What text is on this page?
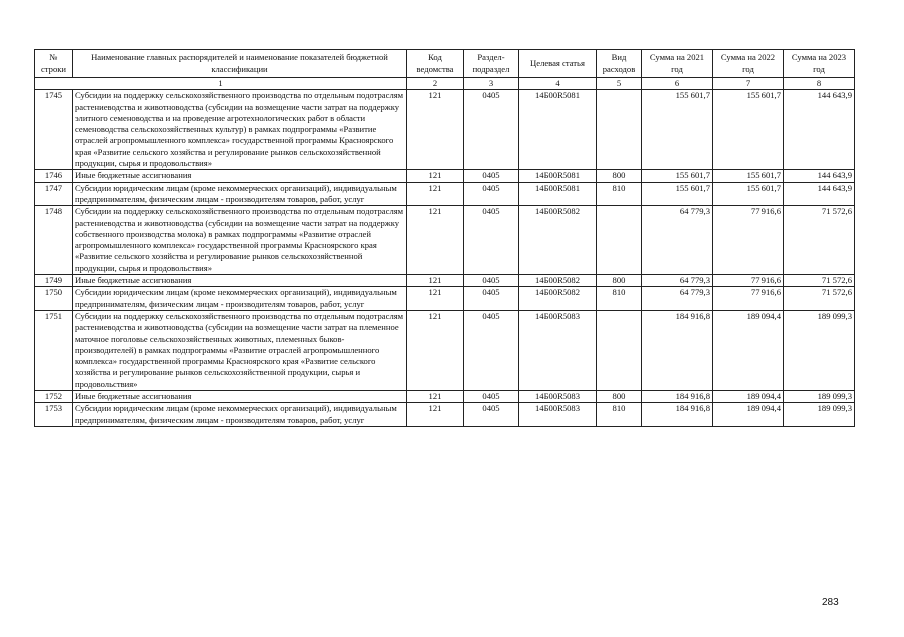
№ строки	Наименование главных распорядителей и наименование показателей бюджетной классификации	Код ведомства	Раздел-подраздел	Целевая статья	Вид расходов	Сумма на 2021 год	Сумма на 2022 год	Сумма на 2023 год
1		2	3	4	5	6	7	8
1745	Субсидии на поддержку сельскохозяйственного производства по отдельным подотраслям растениеводства и животноводства (субсидии на возмещение части затрат на поддержку элитного семеноводства и на проведение агротехнологических работ в области семеноводства сельскохозяйственных культур) в рамках подпрограммы «Развитие отраслей агропромышленного комплекса» государственной программы Красноярского края «Развитие сельского хозяйства и регулирование рынков сельскохозяйственной продукции, сырья и продовольствия»	121	0405	14Б00R5081		155 601,7	155 601,7	144 643,9
1746	Иные бюджетные ассигнования	121	0405	14Б00R5081	800	155 601,7	155 601,7	144 643,9
1747	Субсидии юридическим лицам (кроме некоммерческих организаций), индивидуальным предпринимателям, физическим лицам - производителям товаров, работ, услуг	121	0405	14Б00R5081	810	155 601,7	155 601,7	144 643,9
1748	Субсидии на поддержку сельскохозяйственного производства по отдельным подотраслям растениеводства и животноводства (субсидии на возмещение части затрат на поддержку собственного производства молока) в рамках подпрограммы «Развитие отраслей агропромышленного комплекса» государственной программы Красноярского края «Развитие сельского хозяйства и регулирование рынков сельскохозяйственной продукции, сырья и продовольствия»	121	0405	14Б00R5082		64 779,3	77 916,6	71 572,6
1749	Иные бюджетные ассигнования	121	0405	14Б00R5082	800	64 779,3	77 916,6	71 572,6
1750	Субсидии юридическим лицам (кроме некоммерческих организаций), индивидуальным предпринимателям, физическим лицам - производителям товаров, работ, услуг	121	0405	14Б00R5082	810	64 779,3	77 916,6	71 572,6
1751	Субсидии на поддержку сельскохозяйственного производства по отдельным подотраслям растениеводства и животноводства (субсидии на возмещение части затрат на племенное маточное поголовье сельскохозяйственных животных, племенных быков-производителей) в рамках подпрограммы «Развитие отраслей агропромышленного комплекса» государственной программы Красноярского края «Развитие сельского хозяйства и регулирование рынков сельскохозяйственной продукции, сырья и продовольствия»	121	0405	14Б00R5083		184 916,8	189 094,4	189 099,3
1752	Иные бюджетные ассигнования	121	0405	14Б00R5083	800	184 916,8	189 094,4	189 099,3
1753	Субсидии юридическим лицам (кроме некоммерческих организаций), индивидуальным предпринимателям, физическим лицам - производителям товаров, работ, услуг	121	0405	14Б00R5083	810	184 916,8	189 094,4	189 099,3
283
